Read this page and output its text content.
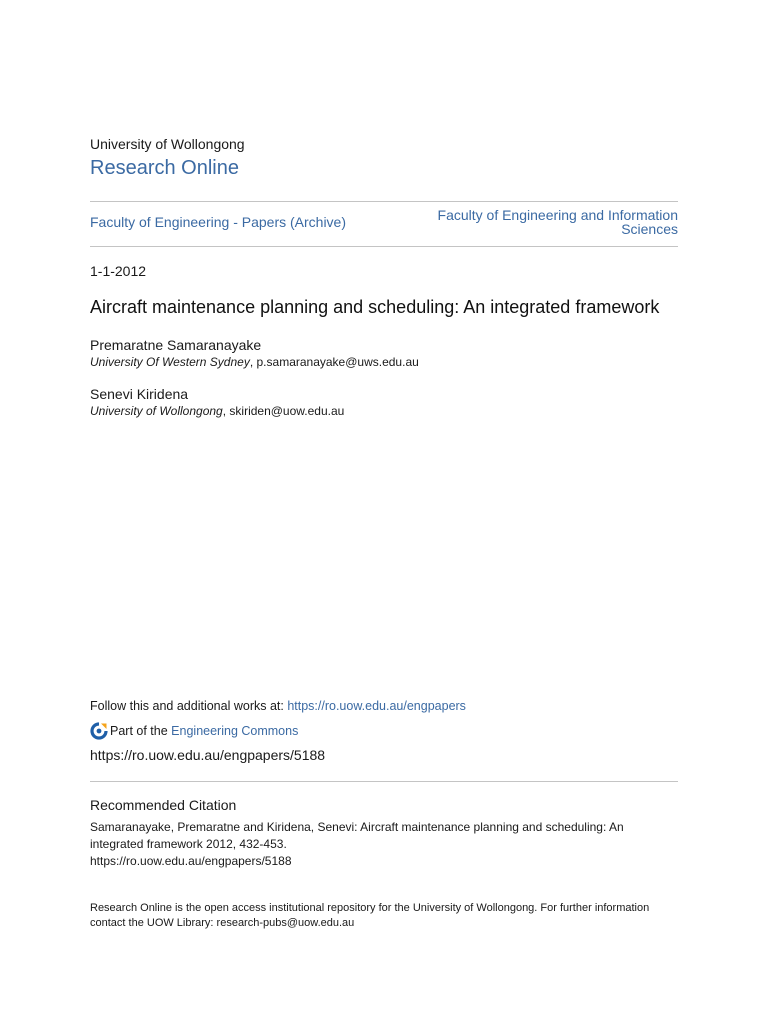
University of Wollongong
Research Online
Faculty of Engineering - Papers (Archive)	Faculty of Engineering and Information
Sciences
1-1-2012
Aircraft maintenance planning and scheduling: An integrated framework
Premaratne Samaranayake
University Of Western Sydney, p.samaranayake@uws.edu.au
Senevi Kiridena
University of Wollongong, skiriden@uow.edu.au
Follow this and additional works at: https://ro.uow.edu.au/engpapers
Part of the
Engineering Commons
https://ro.uow.edu.au/engpapers/5188
Recommended Citation
Samaranayake, Premaratne and Kiridena, Senevi: Aircraft maintenance planning and scheduling: An
integrated framework 2012, 432-453.
https://ro.uow.edu.au/engpapers/5188
Research Online is the open access institutional repository for the University of Wollongong. For further information
contact the UOW Library: research-pubs@uow.edu.au
